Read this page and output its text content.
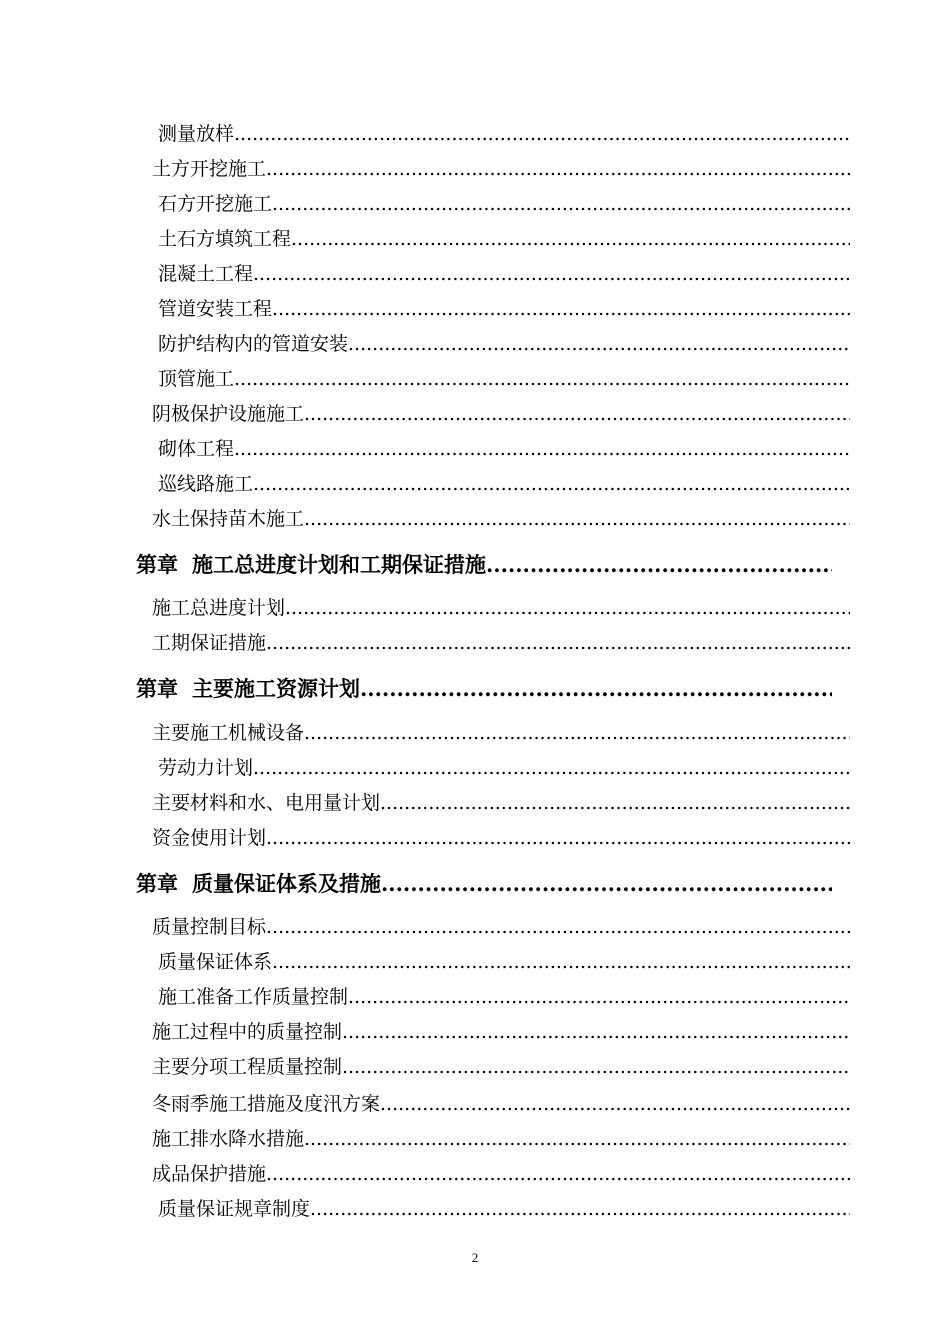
测量放样
.....
土方开挖施工
.....
石方开挖施工
.....
土石方填筑工程
.....
混凝土工程
.....
管道安装工程
.....
防护结构内的管道安装
.....
顶管施工
.....
阴极保护设施施工
.....
砌体工程
.....
巡线路施工
.....
水土保持苗木施工
.....
第章 施工总进度计划和工期保证措施
.....
施工总进度计划
.....
工期保证措施
.....
第章 主要施工资源计划
.....
主要施工机械设备
.....
劳动力计划
.....
主要材料和水、电用量计划
.....
资金使用计划
.....
第章 质量保证体系及措施
.....
质量控制目标
.....
质量保证体系
.....
施工准备工作质量控制
.....
施工过程中的质量控制
.....
主要分项工程质量控制
.....
冬雨季施工措施及度汛方案
.....
施工排水降水措施
.....
成品保护措施
.....
质量保证规章制度
.....
2
